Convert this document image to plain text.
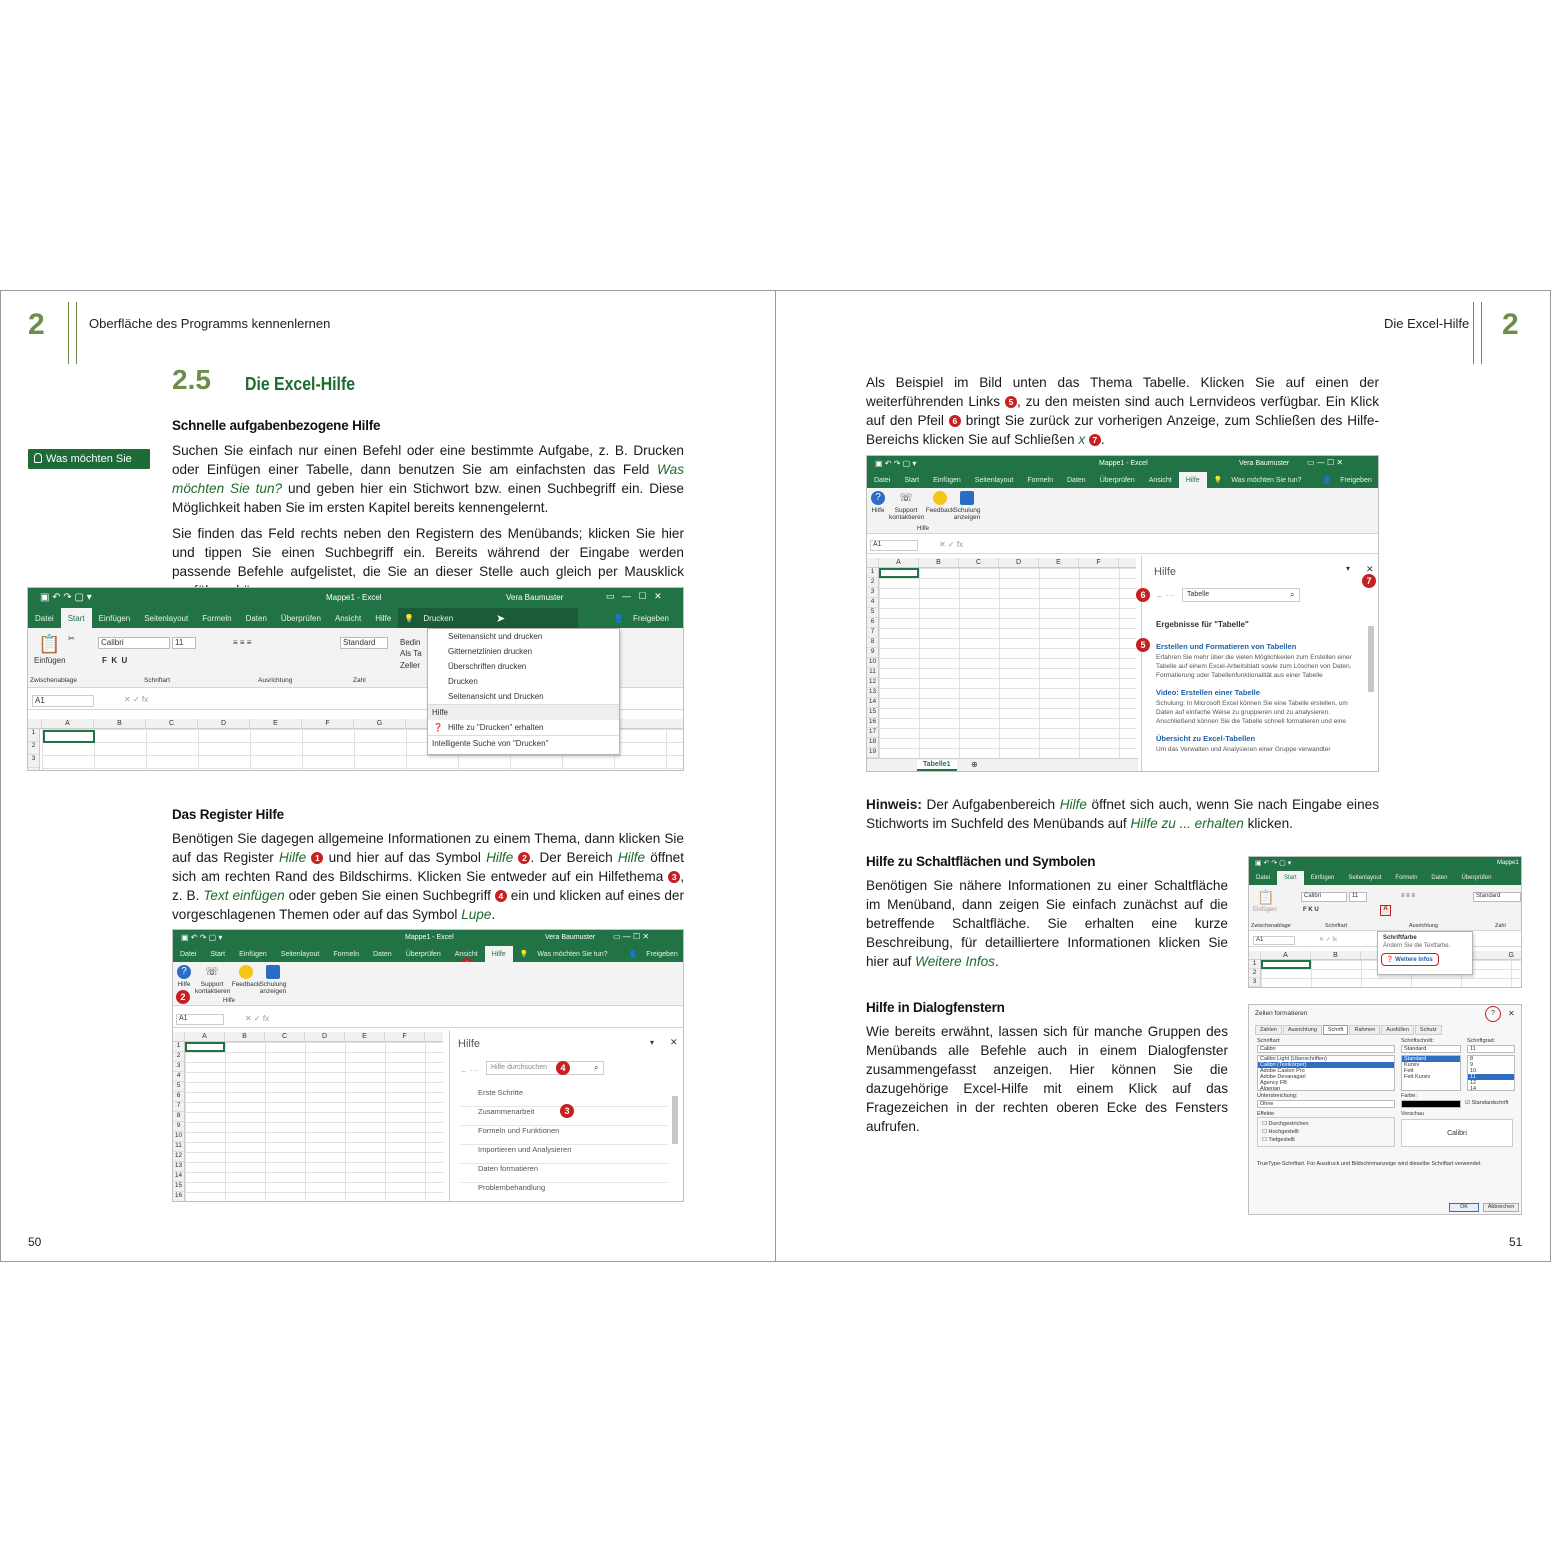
2	Oberfläche des Programms kennenlernen
2.5 Die Excel-Hilfe
Was möchten Sie tun?
Schnelle aufgabenbezogene Hilfe
Suchen Sie einfach nur einen Befehl oder eine bestimmte Aufgabe, z. B. Drucken oder Einfügen einer Tabelle, dann benutzen Sie am einfachsten das Feld Was möchten Sie tun? und geben hier ein Stichwort bzw. einen Suchbegriff ein. Diese Möglichkeit haben Sie im ersten Kapitel bereits kennengelernt.
Sie finden das Feld rechts neben den Registern des Menübands; klicken Sie hier und tippen Sie einen Suchbegriff ein. Bereits während der Eingabe werden passende Befehle aufgelistet, die Sie an dieser Stelle auch gleich per Mausklick
▣ ↶ ↷ ▢ ▾	Mappe1 - Excel	Vera Baumuster	▭   —   ☐   ✕
Datei	Start	Einfügen	Seitenlayout	Formeln	Daten	Überprüfen	Ansicht	Hilfe	💡 Drucken	👤 Freigeben
📋
Einfügen
✂	Calibri	11
F  K  U
≡ ≡ ≡	Standard	Bedin
Als Ta
Zeller
Zwischenablage	Schriftart	Ausrichtung	Zahl
A1	✕ ✓ fx
A	B	C	D	E	F	G
1
2
3
Seitenansicht und drucken
Gitternetzlinien drucken
Überschriften drucken
Drucken
Seitenansicht und Drucken
Hilfe
❓ Hilfe zu "Drucken" erhalten
Intelligente Suche von "Drucken"
➤
Das Register Hilfe
Benötigen Sie dagegen allgemeine Informationen zu einem Thema, dann klicken Sie auf das Register Hilfe 1 und hier auf das Symbol Hilfe 2 . Der Bereich Hilfe öffnet sich am rechten Rand des Bildschirms. Klicken Sie entweder auf ein Hilfethema 3 , z. B. Text einfügen oder geben Sie einen Suchbegriff 4 ein und klicken auf eines der vorgeschlagenen Themen oder auf das Symbol Lupe.
▣ ↶ ↷ ▢ ▾	Mappe1 - Excel	Vera Baumuster ▭ — ☐ ✕
Datei	Start	Einfügen	Seitenlayout	Formeln	Daten	Überprüfen	Ansicht	Hilfe	💡 Was möchten Sie tun?	👤 Freigeben
?
Hilfe
☏
Support kontaktieren
Feedback Schulung anzeigen
Hilfe
2
A1	✕ ✓ fx
A	B	C	D	E	F
1
2
3
4
5
6
7
8
9
10
11
12
13
14
15
16
Hilfe	▾ ✕
← ···	Hilfe durchsuchen	⌕
4
Erste Schritte
Zusammenarbeit	3
Formeln und Funktionen
Importieren und Analysieren
Daten formatieren
Problembehandlung
50
Die Excel-Hilfe 2
Als Beispiel im Bild unten das Thema Tabelle. Klicken Sie auf einen der weiterführenden Links 5 , zu den meisten sind auch Lernvideos verfügbar. Ein Klick auf den Pfeil 6 bringt Sie zurück zur vorherigen Anzeige, zum Schließen des Hilfe-Bereichs klicken Sie auf Schließen x 7 .
▣ ↶ ↷ ▢ ▾	Mappe1 - Excel	Vera Baumuster ▭ — ☐ ✕
Datei	Start	Einfügen	Seitenlayout	Formeln	Daten	Überprüfen	Ansicht	Hilfe	💡 Was möchten Sie tun?	👤 Freigeben
?
Hilfe
☏
Support kontaktieren
Feedback Schulung anzeigen
Hilfe
A1	✕ ✓ fx
A	B	C	D	E	F
1
2
3
4
5
6
7
8
9
10
11
12
13
14
15
16
17
18
19
Tabelle1	⊕
Hilfe	▾ ✕
7
6	← ···	Tabelle	⌕
Ergebnisse für "Tabelle"
5	Erstellen und Formatieren von Tabellen
Erfahren Sie mehr über die vielen Möglichkeiten zum Erstellen einer Tabelle auf einem Excel-Arbeitsblatt sowie zum Löschen von Daten, Formatierung oder Tabellenfunktionalität aus einer Tabelle
Video: Erstellen einer Tabelle
Schulung: In Microsoft Excel können Sie eine Tabelle erstellen, um Daten auf einfache Weise zu gruppieren und zu analysieren. Anschließend können Sie die Tabelle schnell formatieren und eine
Übersicht zu Excel-Tabellen
Um das Verwalten und Analysieren einer Gruppe verwandter
Hinweis: Der Aufgabenbereich Hilfe öffnet sich auch, wenn Sie nach Eingabe eines Stichworts im Suchfeld des Menübands auf Hilfe zu ... erhalten klicken.
Hilfe zu Schaltflächen und Symbolen
Benötigen Sie nähere Informationen zu einer Schaltfläche im Menüband, dann zeigen Sie einfach zunächst auf die betreffende Schaltfläche. Sie erhalten eine kurze Beschreibung, für detailliertere Informationen klicken Sie hier auf Weitere Infos.
▣ ↶ ↷ ▢ ▾	Mappe1
Datei	Start	Einfügen	Seitenlayout	Formeln	Daten	Überprüfen
📋
Einfügen
Calibri	11
F K U	A
≡ ≡ ≡	Standard
Zwischenablage	Schriftart	Ausrichtung	Zahl
A1	✕ ✓ fx
A	B	G
1
2
3
Schriftfarbe
Ändern Sie die Textfarbe.
❓ Weitere Infos
Hilfe in Dialogfenstern
Wie bereits erwähnt, lassen sich für manche Gruppen des Menübands alle Befehle auch in einem Dialogfenster zusammengefasst anzeigen. Hier können Sie die dazugehörige Excel-Hilfe mit einem Klick auf das Fragezeichen in der rechten oberen Ecke des Fensters aufrufen.
Zellen formatieren	?	✕
Zahlen	Ausrichtung	Schrift	Rahmen	Ausfüllen	Schutz
Schriftart:
Calibri
Calibri Light (Überschriften)
Calibri (Textkörper)
Adobe Caslon Pro
Adobe Devanagari
Agency FB
Algerian
Schriftschnitt:
Standard
Standard
Kursiv
Fett
Fett Kursiv
Schriftgrad:
11
8
9
10
11
12
14
Unterstreichung:
Ohne
Farbe:
☑ Standardschrift
Effekte
☐ Durchgestrichen
☐ Hochgestellt
☐ Tiefgestellt
Vorschau
Calibri
TrueType-Schriftart. Für Ausdruck und Bildschirmanzeige wird dieselbe Schriftart verwendet.
OK	Abbrechen
51
